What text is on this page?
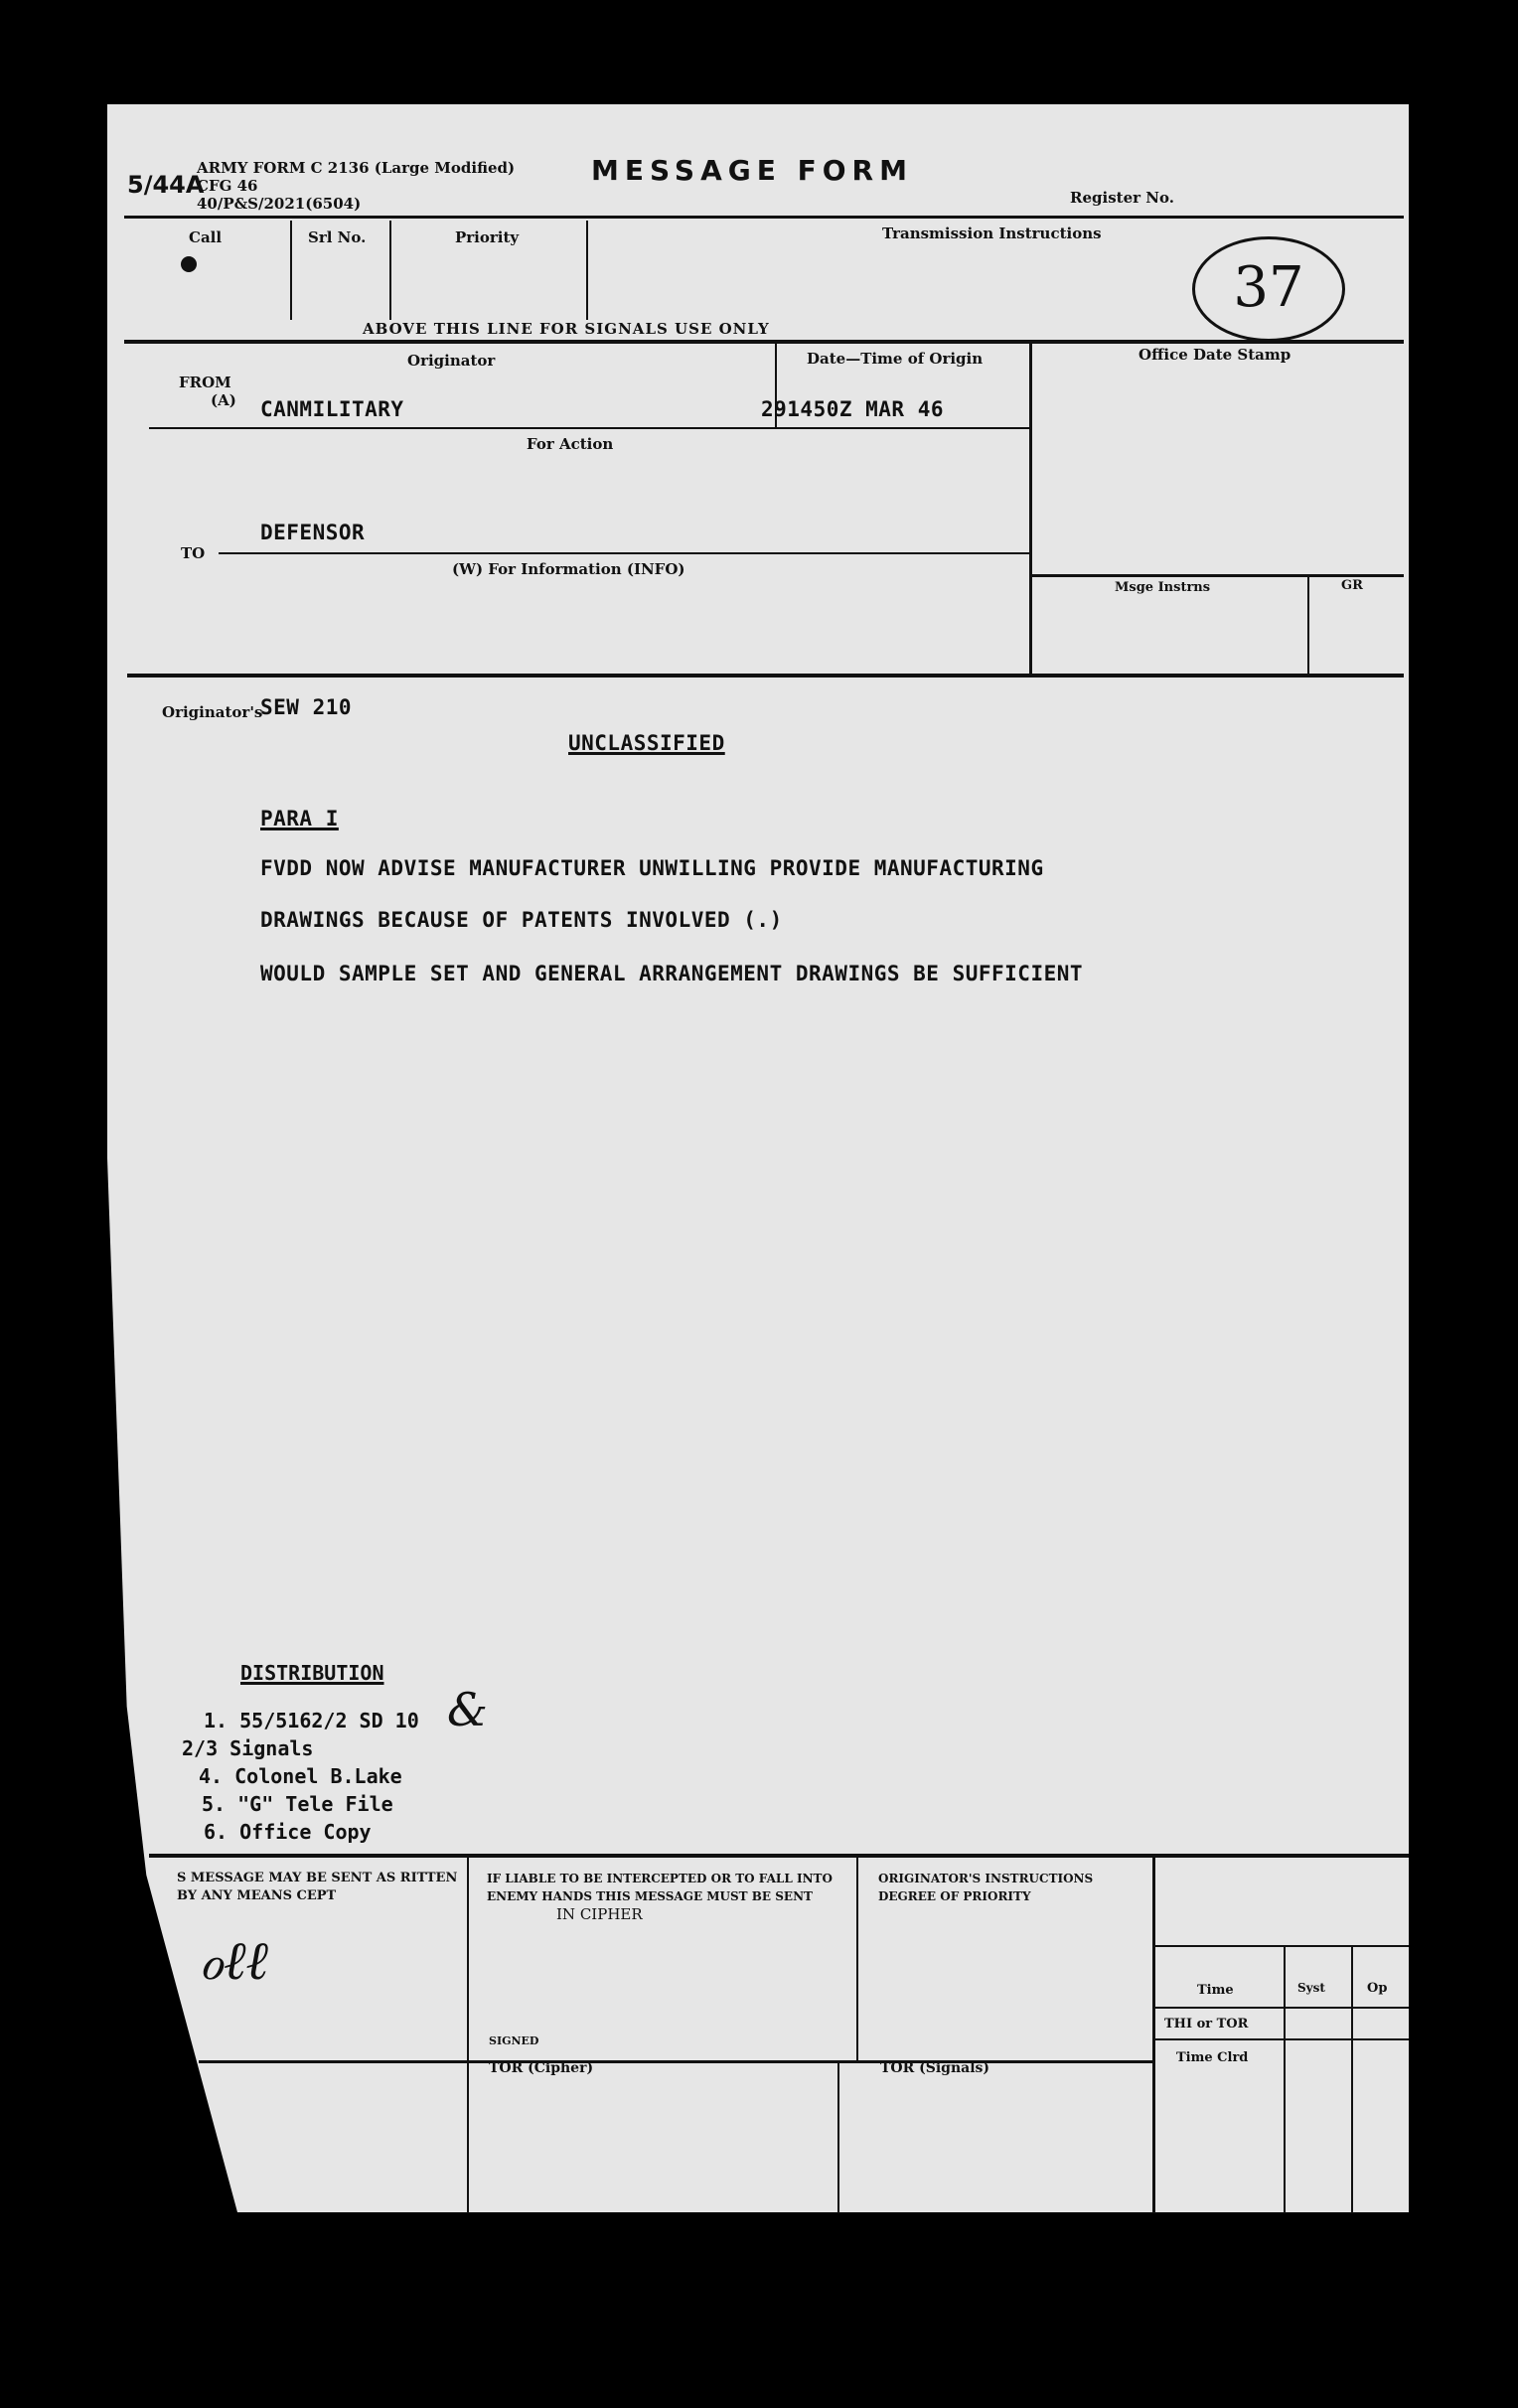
5/44A
ARMY FORM C 2136 (Large Modified)
CFG 46
40/P&S/2021(6504)
MESSAGE FORM
Register No.
Call	Srl No.	Priority	Transmission Instructions
37
ABOVE THIS LINE FOR SIGNALS USE ONLY
Originator	Date—Time of Origin	Office Date Stamp
FROM
(A) CANMILITARY	291450Z MAR 46
For Action
DEFENSOR
TO
(W) For Information (INFO)
Msge Instrns	GR
Originator's
SEW 210
UNCLASSIFIED
PARA I
FVDD NOW ADVISE MANUFACTURER UNWILLING PROVIDE MANUFACTURING
DRAWINGS BECAUSE OF PATENTS INVOLVED (.)
WOULD SAMPLE SET AND GENERAL ARRANGEMENT DRAWINGS BE SUFFICIENT
DISTRIBUTION
1. 55/5162/2 SD 10 &
2/3 Signals
4. Colonel B.Lake
5. "G" Tele File
6. Office Copy
S MESSAGE MAY BE SENT AS RITTEN BY ANY MEANS CEPT
ℴℓℓ
IF LIABLE TO BE INTERCEPTED OR TO FALL INTO ENEMY HANDS THIS MESSAGE MUST BE SENT
IN CIPHER
SIGNED
ORIGINATOR'S INSTRUCTIONS DEGREE OF PRIORITY
Time	Syst	Op
THI or TOR
Time Clrd
TOR (Cipher)	TOR (Signals)
